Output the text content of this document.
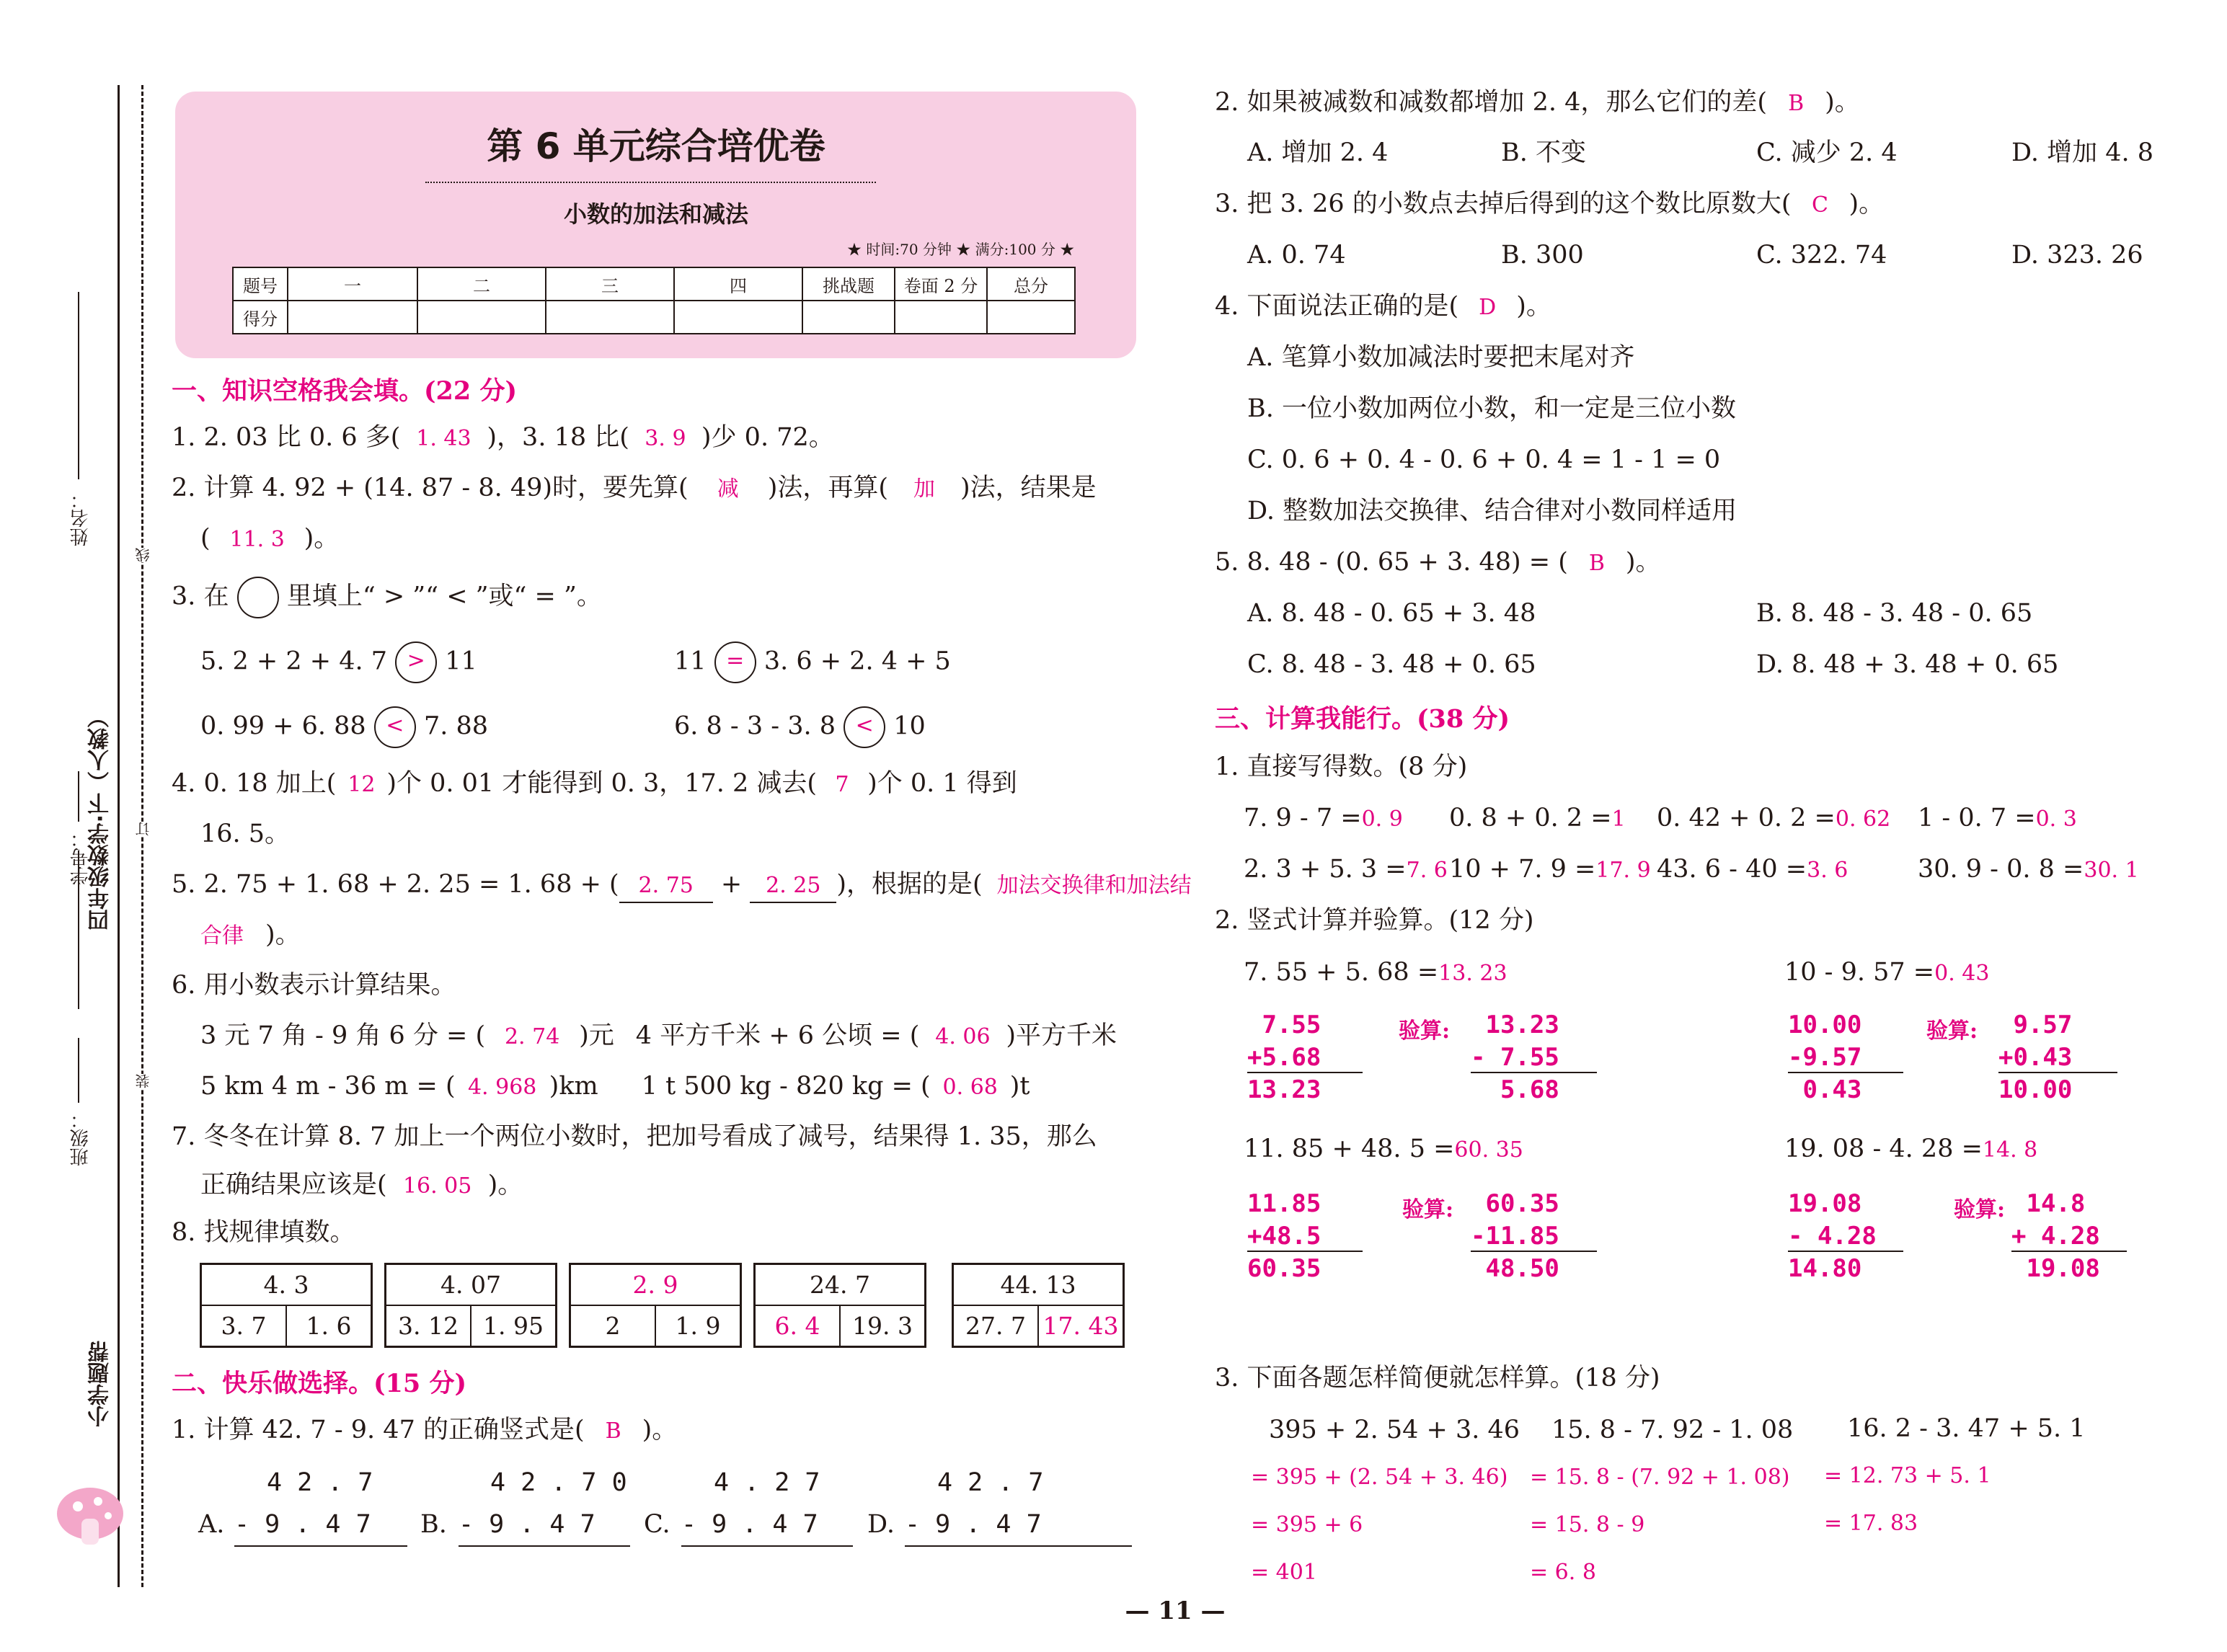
姓名：
学号：
四年级数学·下（人教）
班级：
线
订
装
小学题帮
第 6 单元综合培优卷
小数的加法和减法
★ 时间:70 分钟 ★ 满分:100 分 ★
题号	一	二	三	四	挑战题	卷面 2 分	总分
得分							
一、知识空格我会填。(22 分)
1. 2. 03 比 0. 6 多( 1. 43 )，3. 18 比( 3. 9 )少 0. 72。
2. 计算 4. 92 + (14. 87 - 8. 49)时，要先算( 减 )法，再算( 加 )法，结果是
( 11. 3 )。
3. 在 里填上“ > ”“ < ”或“ = ”。
5. 2 + 2 + 4. 7 > 11	11 = 3. 6 + 2. 4 + 5
0. 99 + 6. 88 < 7. 88	6. 8 - 3 - 3. 8 < 10
4. 0. 18 加上( 12 )个 0. 01 才能得到 0. 3，17. 2 减去( 7 )个 0. 1 得到
16. 5。
5. 2. 75 + 1. 68 + 2. 25 = 1. 68 + ( 2. 75 + 2. 25 )，根据的是( 加法交换律和加法结
合律 )。
6. 用小数表示计算结果。
3 元 7 角 - 9 角 6 分 = ( 2. 74 )元 4 平方千米 + 6 公顷 = ( 4. 06 )平方千米
5 km 4 m - 36 m = ( 4. 968 )km 1 t 500 kg - 820 kg = ( 0. 68 )t
7. 冬冬在计算 8. 7 加上一个两位小数时，把加号看成了减号，结果得 1. 35，那么
正确结果应该是( 16. 05 )。
8. 找规律填数。
4. 3
3. 7	1. 6
4. 07
3. 12	1. 95
2. 9
2	1. 9
24. 7
6. 4	19. 3
44. 13
27. 7 17. 43
二、快乐做选择。(15 分)
1. 计算 42. 7 - 9. 47 的正确竖式是( B )。
4 2 . 7
A. - 9 . 4 7
4 2 . 7 0
B. - 9 . 4 7
4 . 2 7
C. - 9 . 4 7
4 2 . 7
D. - 9 . 4 7
2. 如果被减数和减数都增加 2. 4，那么它们的差( B )。
A. 增加 2. 4	B. 不变	C. 减少 2. 4	D. 增加 4. 8
3. 把 3. 26 的小数点去掉后得到的这个数比原数大( C )。
A. 0. 74	B. 300	C. 322. 74	D. 323. 26
4. 下面说法正确的是( D )。
A. 笔算小数加减法时要把末尾对齐
B. 一位小数加两位小数，和一定是三位小数
C. 0. 6 + 0. 4 - 0. 6 + 0. 4 = 1 - 1 = 0
D. 整数加法交换律、结合律对小数同样适用
5. 8. 48 - (0. 65 + 3. 48) = ( B )。
A. 8. 48 - 0. 65 + 3. 48	B. 8. 48 - 3. 48 - 0. 65
C. 8. 48 - 3. 48 + 0. 65	D. 8. 48 + 3. 48 + 0. 65
三、计算我能行。(38 分)
1. 直接写得数。(8 分)
7. 9 - 7 =0. 9 0. 8 + 0. 2 =1 0. 42 + 0. 2 =0. 62 1 - 0. 7 =0. 3
2. 3 + 5. 3 =7. 6 10 + 7. 9 =17. 9 43. 6 - 40 =3. 6	30. 9 - 0. 8 =30. 1
2. 竖式计算并验算。(12 分)
7. 55 + 5. 68 =13. 23
7.55
+5.68
13.23
验算:	13.23
- 7.55
5.68
10 - 9. 57 =0. 43
10.00
-9.57
0.43
验算:	9.57
+0.43
10.00
11. 85 + 48. 5 =60. 35
11.85
+48.5
60.35
验算:	60.35
-11.85
48.50
19. 08 - 4. 28 =14. 8
19.08
- 4.28
14.80
验算: 14.8
+ 4.28
19.08
3. 下面各题怎样简便就怎样算。(18 分)
395 + 2. 54 + 3. 46
= 395 + (2. 54 + 3. 46)
= 395 + 6
= 401
15. 8 - 7. 92 - 1. 08
= 15. 8 - (7. 92 + 1. 08)
= 15. 8 - 9
= 6. 8
16. 2 - 3. 47 + 5. 1
= 12. 73 + 5. 1
= 17. 83
— 11 —
